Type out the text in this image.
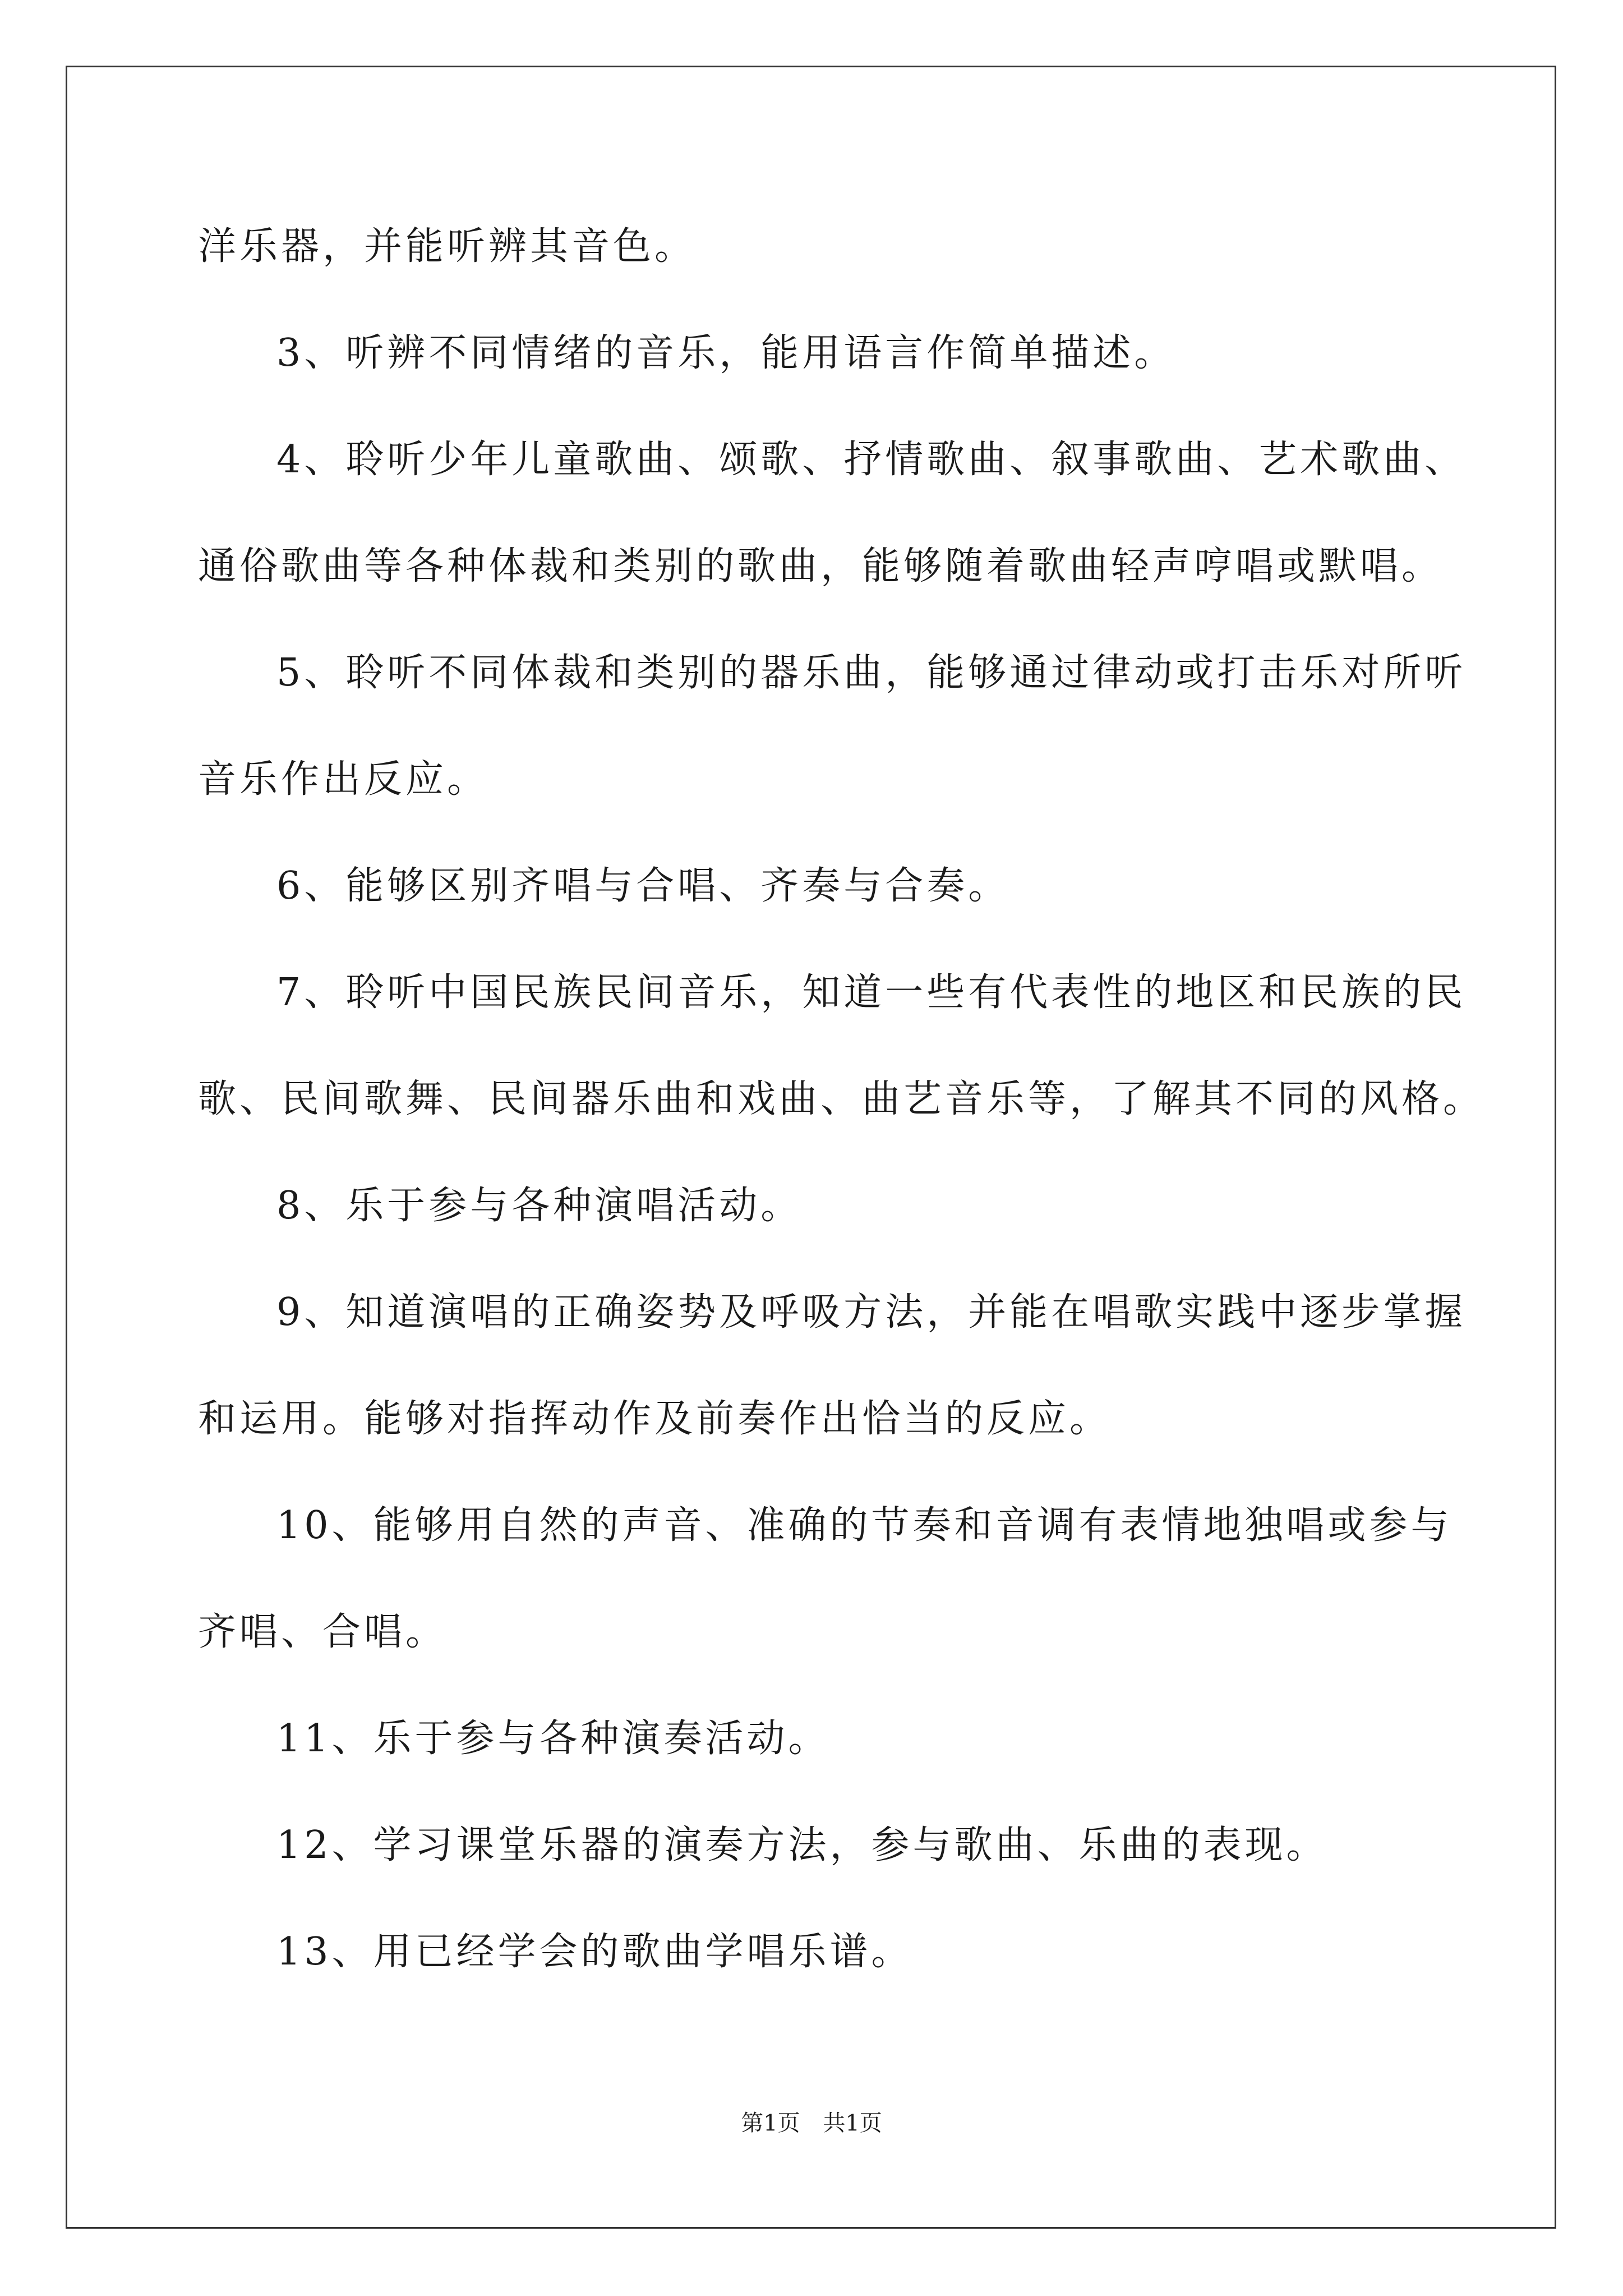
洋乐器，并能听辨其音色。
3、听辨不同情绪的音乐，能用语言作简单描述。
4、聆听少年儿童歌曲、颂歌、抒情歌曲、叙事歌曲、艺术歌曲、
通俗歌曲等各种体裁和类别的歌曲，能够随着歌曲轻声哼唱或默唱。
5、聆听不同体裁和类别的器乐曲，能够通过律动或打击乐对所听
音乐作出反应。
6、能够区别齐唱与合唱、齐奏与合奏。
7、聆听中国民族民间音乐，知道一些有代表性的地区和民族的民
歌、民间歌舞、民间器乐曲和戏曲、曲艺音乐等，了解其不同的风格。
8、乐于参与各种演唱活动。
9、知道演唱的正确姿势及呼吸方法，并能在唱歌实践中逐步掌握
和运用。能够对指挥动作及前奏作出恰当的反应。
10、能够用自然的声音、准确的节奏和音调有表情地独唱或参与
齐唱、合唱。
11、乐于参与各种演奏活动。
12、学习课堂乐器的演奏方法，参与歌曲、乐曲的表现。
13、用已经学会的歌曲学唱乐谱。
第1页 共1页
